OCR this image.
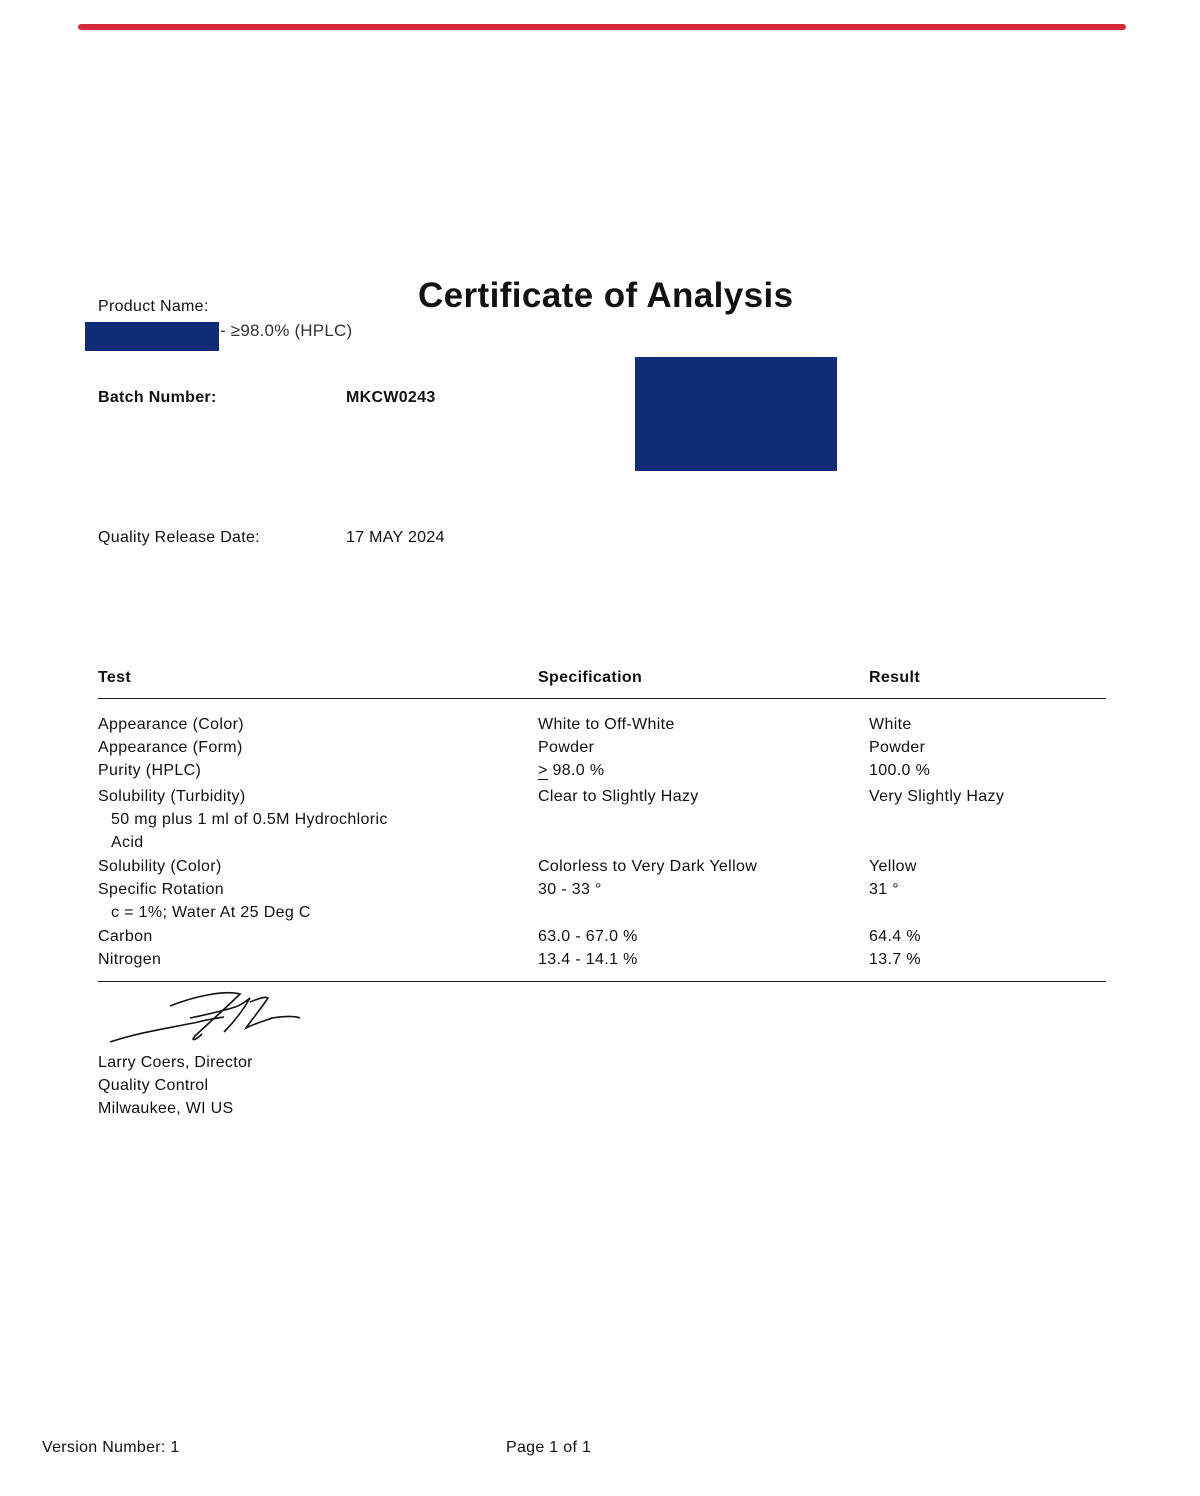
Certificate of Analysis
Product Name:
- ≥98.0% (HPLC)
Batch Number:	MKCW0243
Quality Release Date:	17 MAY 2024
Test	Specification	Result
Appearance (Color)	White to Off-White	White
Appearance (Form)	Powder	Powder
Purity (HPLC)	> 98.0 %	100.0 %
Solubility (Turbidity)	Clear to Slightly Hazy	Very Slightly Hazy
50 mg plus 1 ml of 0.5M Hydrochloric
Acid
Solubility (Color)	Colorless to Very Dark Yellow	Yellow
Specific Rotation	30 - 33 °	31 °
c = 1%; Water At 25 Deg C
Carbon	63.0 - 67.0 %	64.4 %
Nitrogen	13.4 - 14.1 %	13.7 %
Larry Coers, Director
Quality Control
Milwaukee, WI US
Version Number: 1	Page 1 of 1
